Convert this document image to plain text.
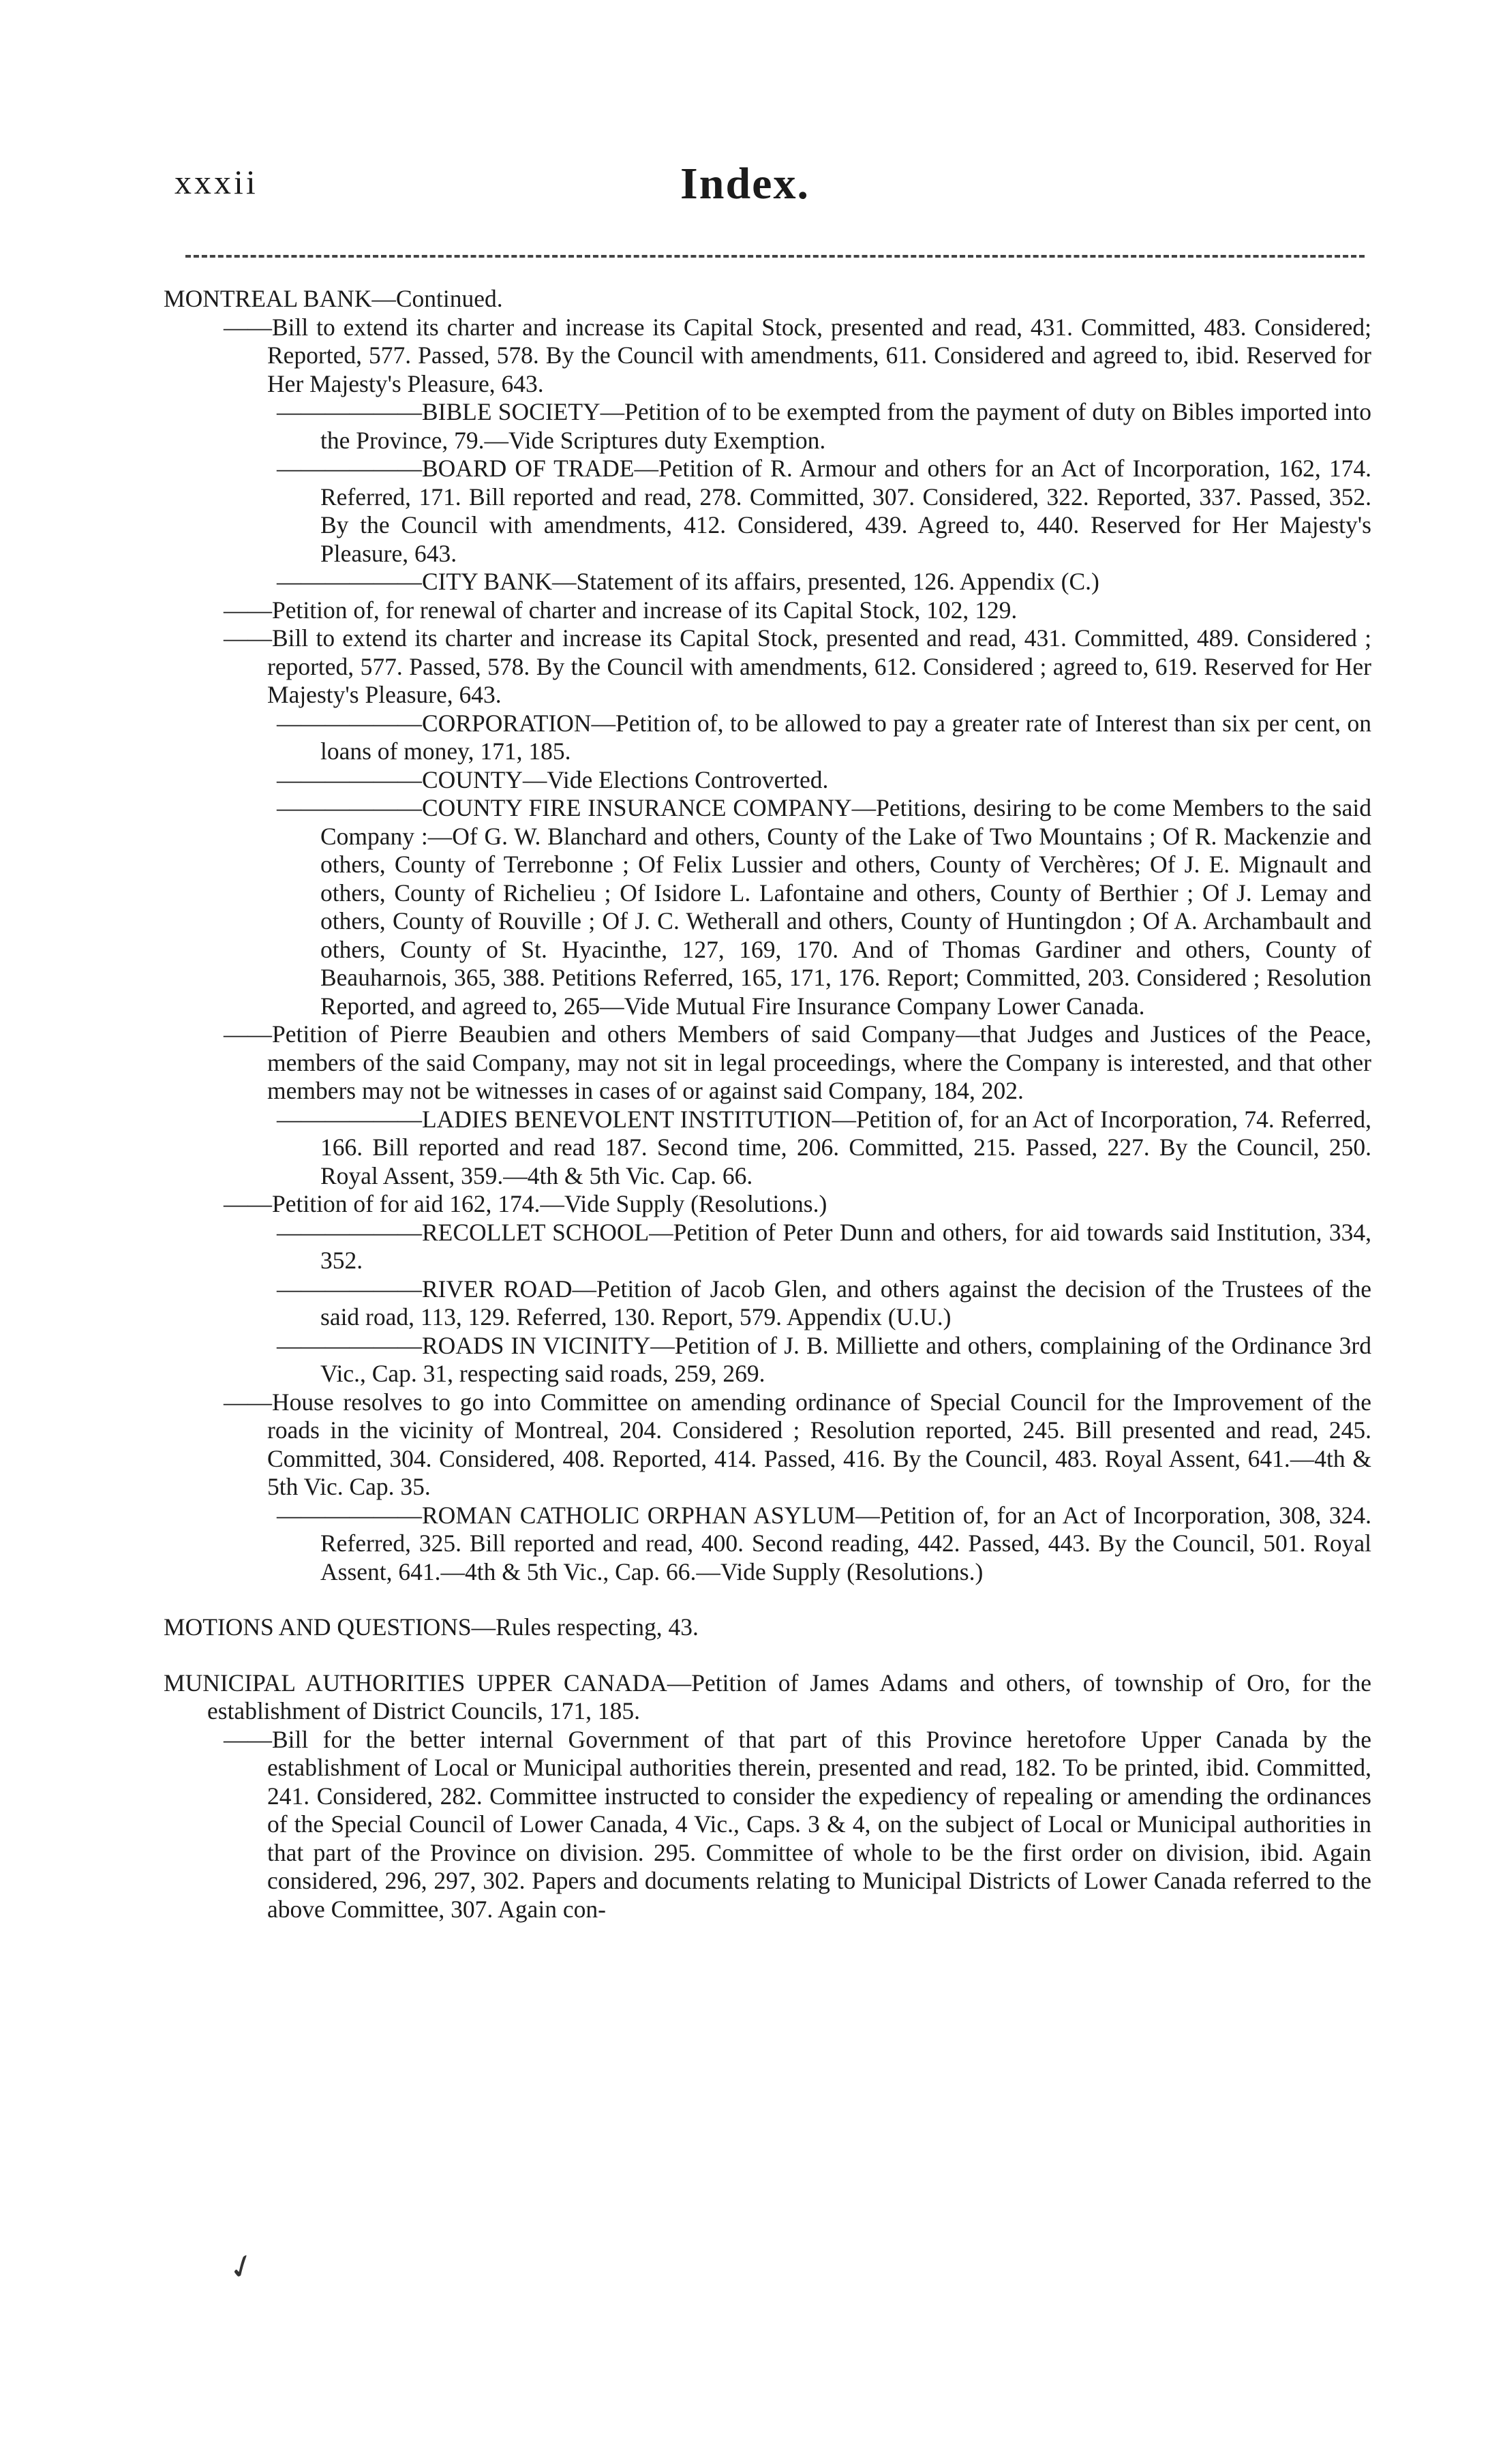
xxxii	Index.

MONTREAL BANK—Continued.

——Bill to extend its charter and increase its Capital Stock, presented and read, 431. Committed, 483. Considered; Reported, 577. Passed, 578. By the Council with amendments, 611. Considered and agreed to, ibid. Reserved for Her Majesty's Pleasure, 643.

——————BIBLE SOCIETY—Petition of to be exempted from the payment of duty on Bibles imported into the Province, 79.—Vide Scriptures duty Exemption.

——————BOARD OF TRADE—Petition of R. Armour and others for an Act of Incorporation, 162, 174. Referred, 171. Bill reported and read, 278. Committed, 307. Considered, 322. Reported, 337. Passed, 352. By the Council with amendments, 412. Considered, 439. Agreed to, 440. Reserved for Her Majesty's Pleasure, 643.

——————CITY BANK—Statement of its affairs, presented, 126. Appendix (C.)

——Petition of, for renewal of charter and increase of its Capital Stock, 102, 129.

——Bill to extend its charter and increase its Capital Stock, presented and read, 431. Committed, 489. Considered ; reported, 577. Passed, 578. By the Council with amendments, 612. Considered ; agreed to, 619. Reserved for Her Majesty's Pleasure, 643.

——————CORPORATION—Petition of, to be allowed to pay a greater rate of Interest than six per cent, on loans of money, 171, 185.

——————COUNTY—Vide Elections Controverted.

——————COUNTY FIRE INSURANCE COMPANY—Petitions, desiring to be come Members to the said Company :—Of G. W. Blanchard and others, County of the Lake of Two Mountains ; Of R. Mackenzie and others, County of Terrebonne ; Of Felix Lussier and others, County of Verchères; Of J. E. Mignault and others, County of Richelieu ; Of Isidore L. Lafontaine and others, County of Berthier ; Of J. Lemay and others, County of Rouville ; Of J. C. Wetherall and others, County of Huntingdon ; Of A. Archambault and others, County of St. Hyacinthe, 127, 169, 170. And of Thomas Gardiner and others, County of Beauharnois, 365, 388. Petitions Referred, 165, 171, 176. Report; Committed, 203. Considered ; Resolution Reported, and agreed to, 265—Vide Mutual Fire Insurance Company Lower Canada.

——Petition of Pierre Beaubien and others Members of said Company—that Judges and Justices of the Peace, members of the said Company, may not sit in legal proceedings, where the Company is interested, and that other members may not be witnesses in cases of or against said Company, 184, 202.

——————LADIES BENEVOLENT INSTITUTION—Petition of, for an Act of Incorporation, 74. Referred, 166. Bill reported and read 187. Second time, 206. Committed, 215. Passed, 227. By the Council, 250. Royal Assent, 359.—4th & 5th Vic. Cap. 66.

——Petition of for aid 162, 174.—Vide Supply (Resolutions.)

——————RECOLLET SCHOOL—Petition of Peter Dunn and others, for aid towards said Institution, 334, 352.

——————RIVER ROAD—Petition of Jacob Glen, and others against the decision of the Trustees of the said road, 113, 129. Referred, 130. Report, 579. Appendix (U.U.)

——————ROADS IN VICINITY—Petition of J. B. Milliette and others, complaining of the Ordinance 3rd Vic., Cap. 31, respecting said roads, 259, 269.

——House resolves to go into Committee on amending ordinance of Special Council for the Improvement of the roads in the vicinity of Montreal, 204. Considered ; Resolution reported, 245. Bill presented and read, 245. Committed, 304. Considered, 408. Reported, 414. Passed, 416. By the Council, 483. Royal Assent, 641.—4th & 5th Vic. Cap. 35.

——————ROMAN CATHOLIC ORPHAN ASYLUM—Petition of, for an Act of Incorporation, 308, 324. Referred, 325. Bill reported and read, 400. Second reading, 442. Passed, 443. By the Council, 501. Royal Assent, 641.—4th & 5th Vic., Cap. 66.—Vide Supply (Resolutions.)

MOTIONS AND QUESTIONS—Rules respecting, 43.

MUNICIPAL AUTHORITIES UPPER CANADA—Petition of James Adams and others, of township of Oro, for the establishment of District Councils, 171, 185.

——Bill for the better internal Government of that part of this Province heretofore Upper Canada by the establishment of Local or Municipal authorities therein, presented and read, 182. To be printed, ibid. Committed, 241. Considered, 282. Committee instructed to consider the expediency of repealing or amending the ordinances of the Special Council of Lower Canada, 4 Vic., Caps. 3 & 4, on the subject of Local or Municipal authorities in that part of the Province on division. 295. Committee of whole to be the first order on division, ibid. Again considered, 296, 297, 302. Papers and documents relating to Municipal Districts of Lower Canada referred to the above Committee, 307. Again con-

✓
